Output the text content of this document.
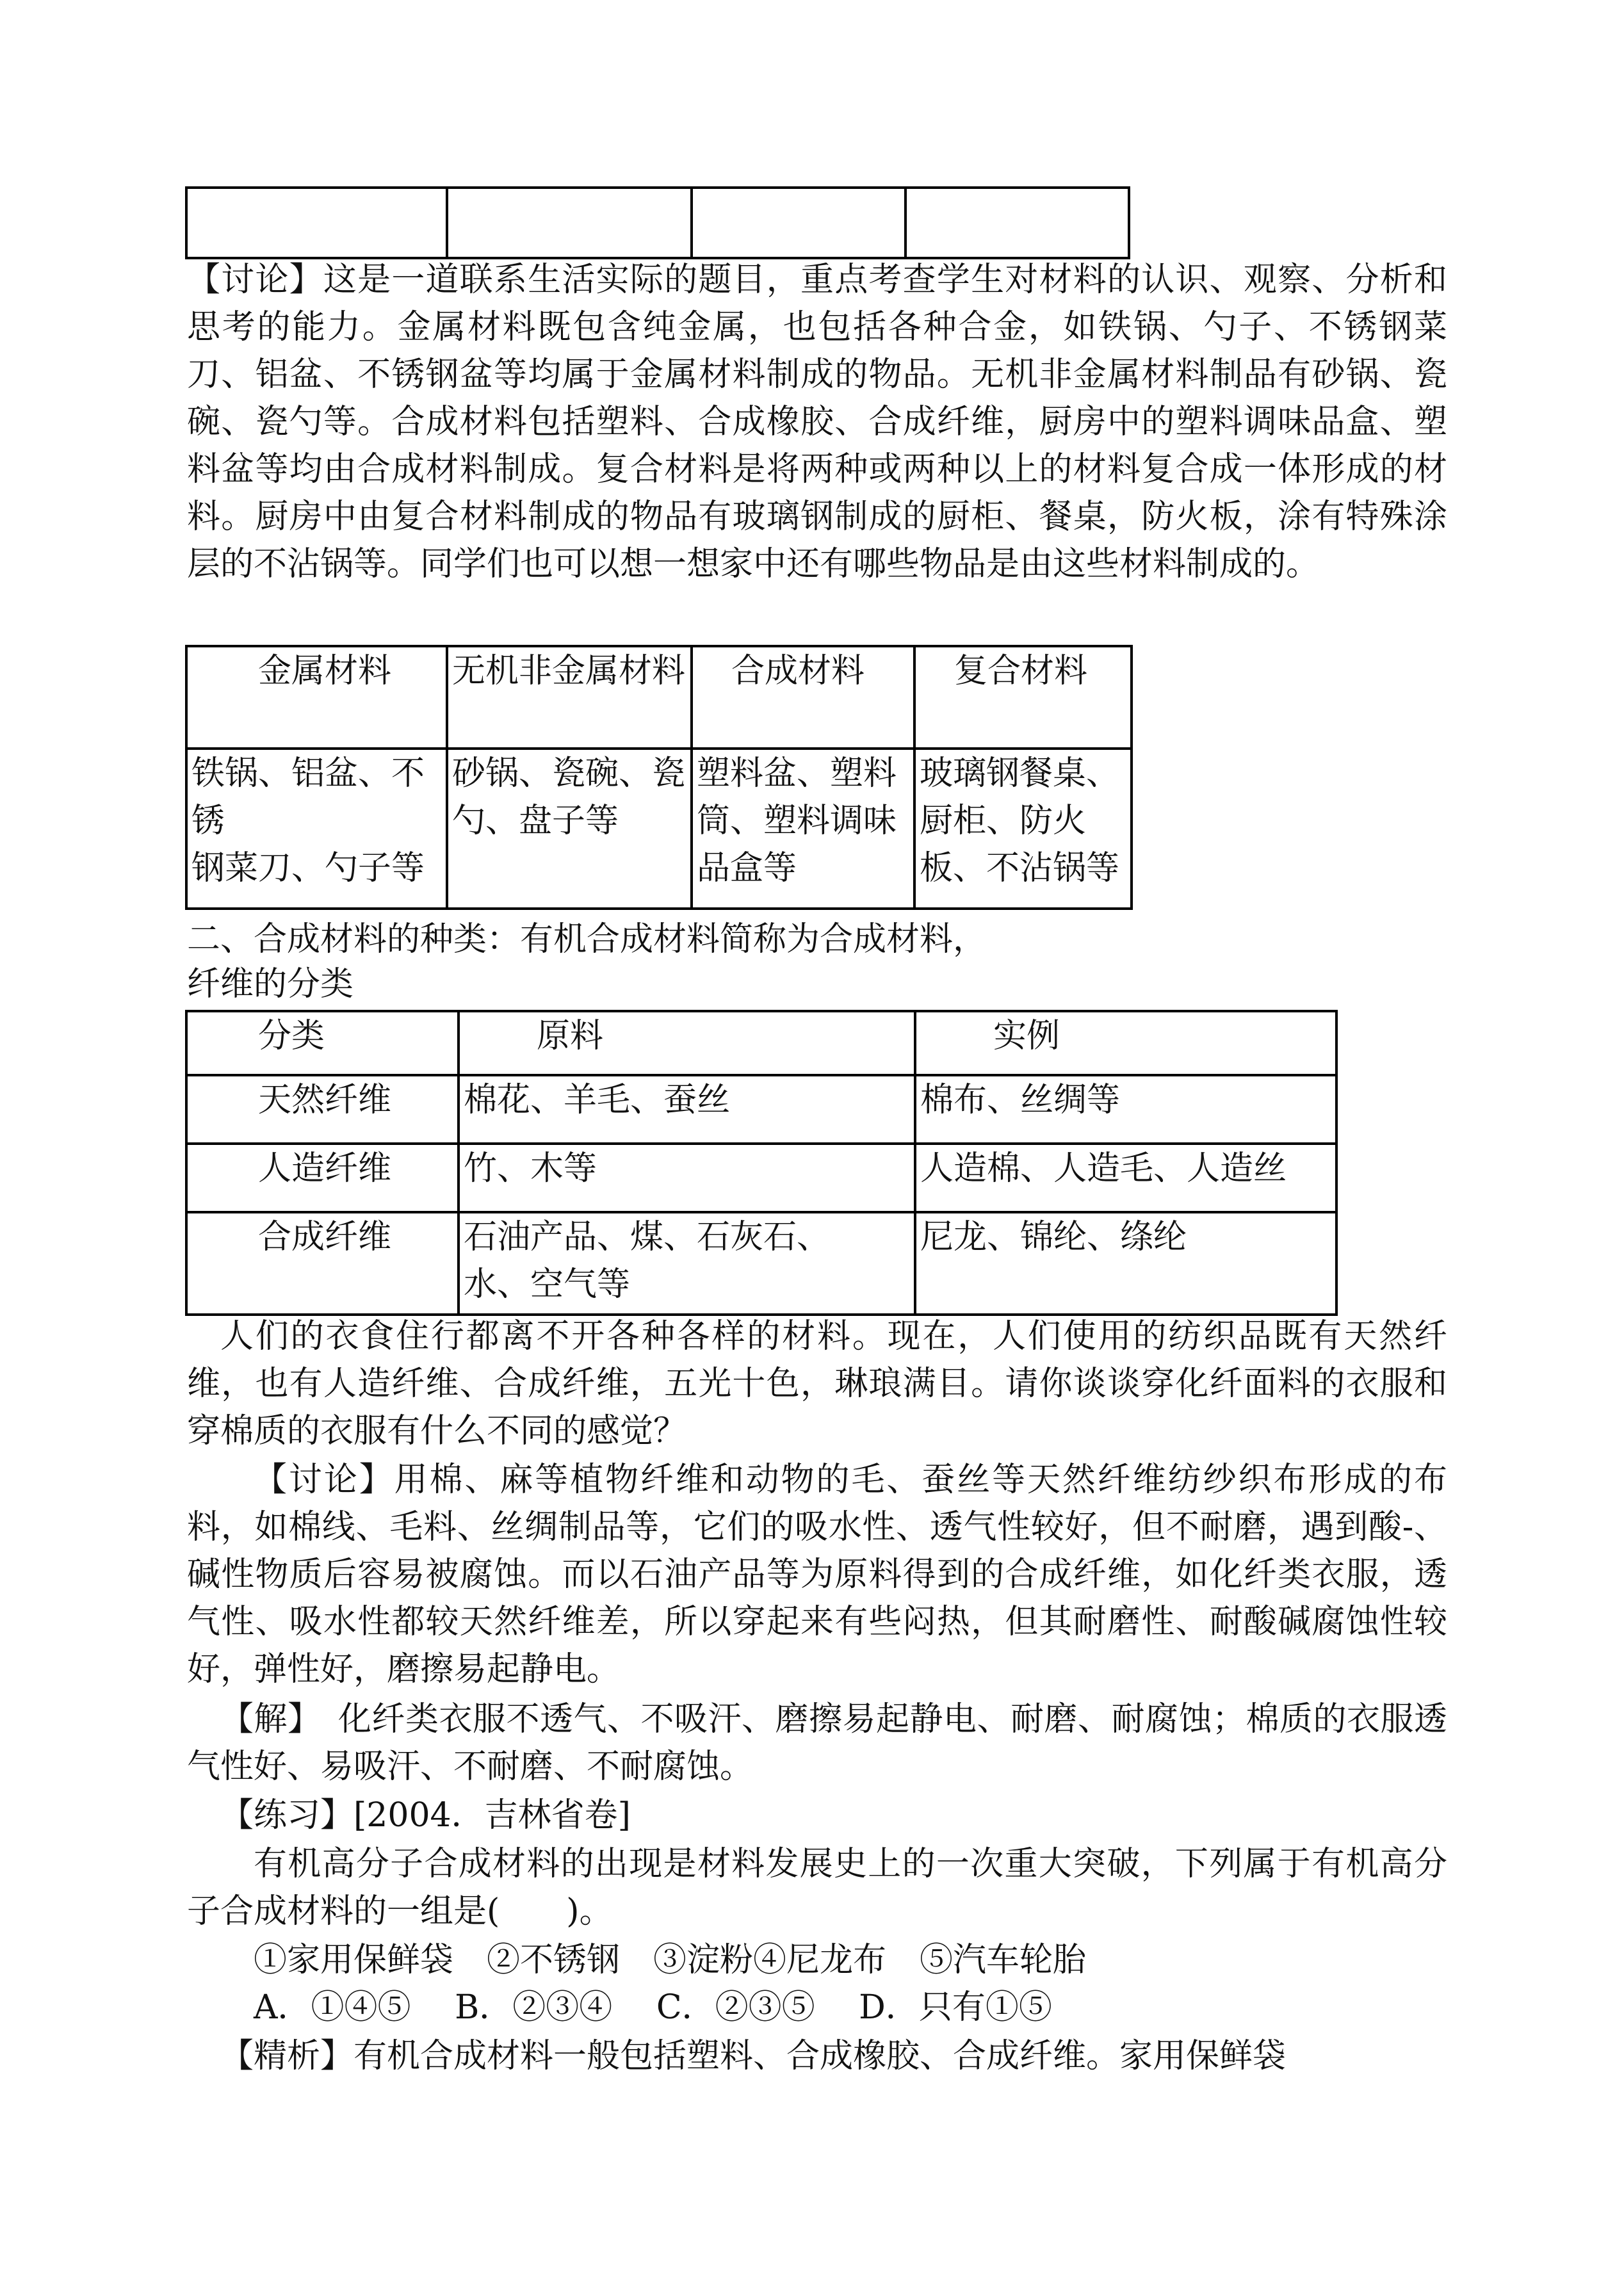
【讨论】这是一道联系生活实际的题目，重点考查学生对材料的认识、观察、分析和思考的能力。金属材料既包含纯金属，也包括各种合金，如铁锅、勺子、不锈钢菜刀、铝盆、不锈钢盆等均属于金属材料制成的物品。无机非金属材料制品有砂锅、瓷碗、瓷勺等。合成材料包括塑料、合成橡胶、合成纤维，厨房中的塑料调味品盒、塑料盆等均由合成材料制成。复合材料是将两种或两种以上的材料复合成一体形成的材料。厨房中由复合材料制成的物品有玻璃钢制成的厨柜、餐桌，防火板，涂有特殊涂层的不沾锅等。同学们也可以想一想家中还有哪些物品是由这些材料制成的。

金属材料	无机非金属材料	合成材料	复合材料
铁锅、铝盆、不锈
钢菜刀、勺子等	砂锅、瓷碗、瓷勺、盘子等	塑料盆、塑料筒、塑料调味品盒等	玻璃钢餐桌、厨柜、防火板、不沾锅等

二、合成材料的种类：有机合成材料简称为合成材料，

纤维的分类

分类	原料	实例
天然纤维	棉花、羊毛、蚕丝	棉布、丝绸等
人造纤维	竹、木等	人造棉、人造毛、人造丝
合成纤维	石油产品、煤、石灰石、水、空气等	尼龙、锦纶、绦纶

人们的衣食住行都离不开各种各样的材料。现在，人们使用的纺织品既有天然纤维，也有人造纤维、合成纤维，五光十色，琳琅满目。请你谈谈穿化纤面料的衣服和穿棉质的衣服有什么不同的感觉？

【讨论】用棉、麻等植物纤维和动物的毛、蚕丝等天然纤维纺纱织布形成的布料，如棉线、毛料、丝绸制品等，它们的吸水性、透气性较好，但不耐磨，遇到酸-、碱性物质后容易被腐蚀。而以石油产品等为原料得到的合成纤维，如化纤类衣服，透气性、吸水性都较天然纤维差，所以穿起来有些闷热，但其耐磨性、耐酸碱腐蚀性较好，弹性好，磨擦易起静电。

【解】　化纤类衣服不透气、不吸汗、磨擦易起静电、耐磨、耐腐蚀；棉质的衣服透气性好、易吸汗、不耐磨、不耐腐蚀。

【练习】[2004．吉林省卷]

有机高分子合成材料的出现是材料发展史上的一次重大突破，下列属于有机高分子合成材料的一组是(　　)。

①家用保鲜袋　②不锈钢　③淀粉④尼龙布　⑤汽车轮胎

A．①④⑤　 B．②③④　 C．②③⑤　 D．只有①⑤

【精析】有机合成材料一般包括塑料、合成橡胶、合成纤维。家用保鲜袋
